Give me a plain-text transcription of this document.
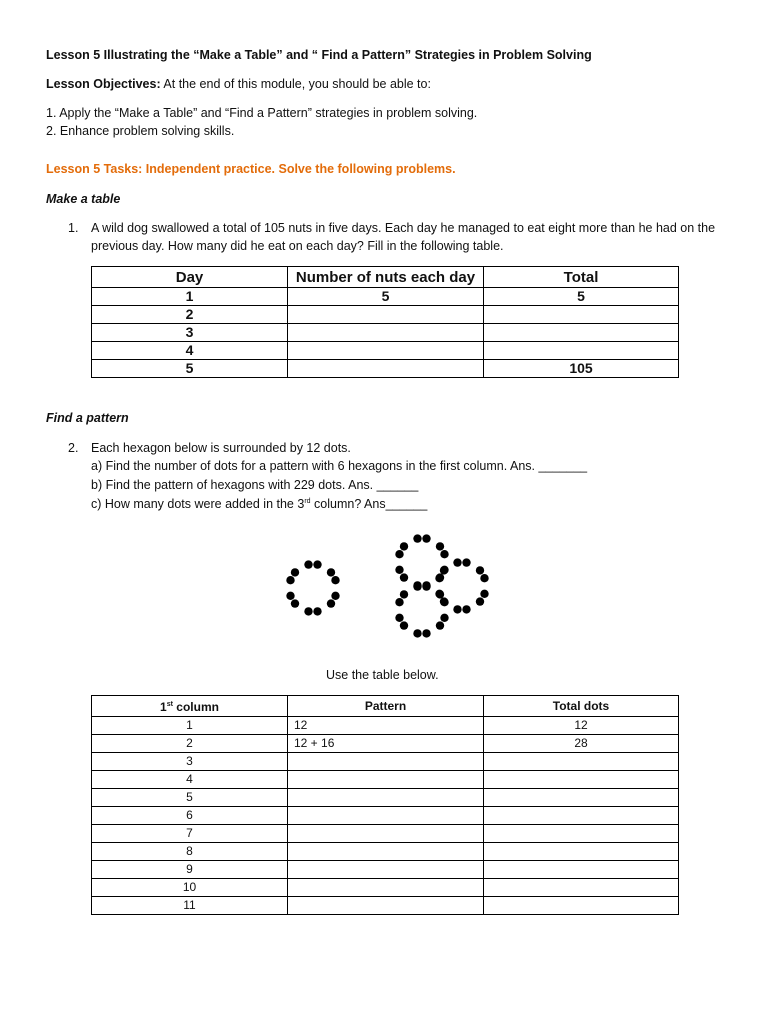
Lesson 5 Illustrating the “Make a Table” and “ Find a Pattern” Strategies in Problem Solving
Lesson Objectives: At the end of this module, you should be able to:
1. Apply the “Make a Table” and “Find a Pattern” strategies in problem solving.
2. Enhance problem solving skills.
Lesson 5 Tasks: Independent practice. Solve the following problems.
Make a table
1. A wild dog swallowed a total of 105 nuts in five days. Each day he managed to eat eight more than he had on the
previous day. How many did he eat on each day? Fill in the following table.
Day	Number of nuts each day	Total
1	5	5
2		
3		
4		
5		105
Find a pattern
2. Each hexagon below is surrounded by 12 dots.
a) Find the number of dots for a pattern with 6 hexagons in the first column. Ans. _______
b) Find the pattern of hexagons with 229 dots. Ans. ______
c) How many dots were added in the 3rd column? Ans______
Use the table below.
1st column	Pattern	Total dots
1	12	12
2	12 + 16	28
3		
4		
5		
6		
7		
8		
9		
10		
11		
